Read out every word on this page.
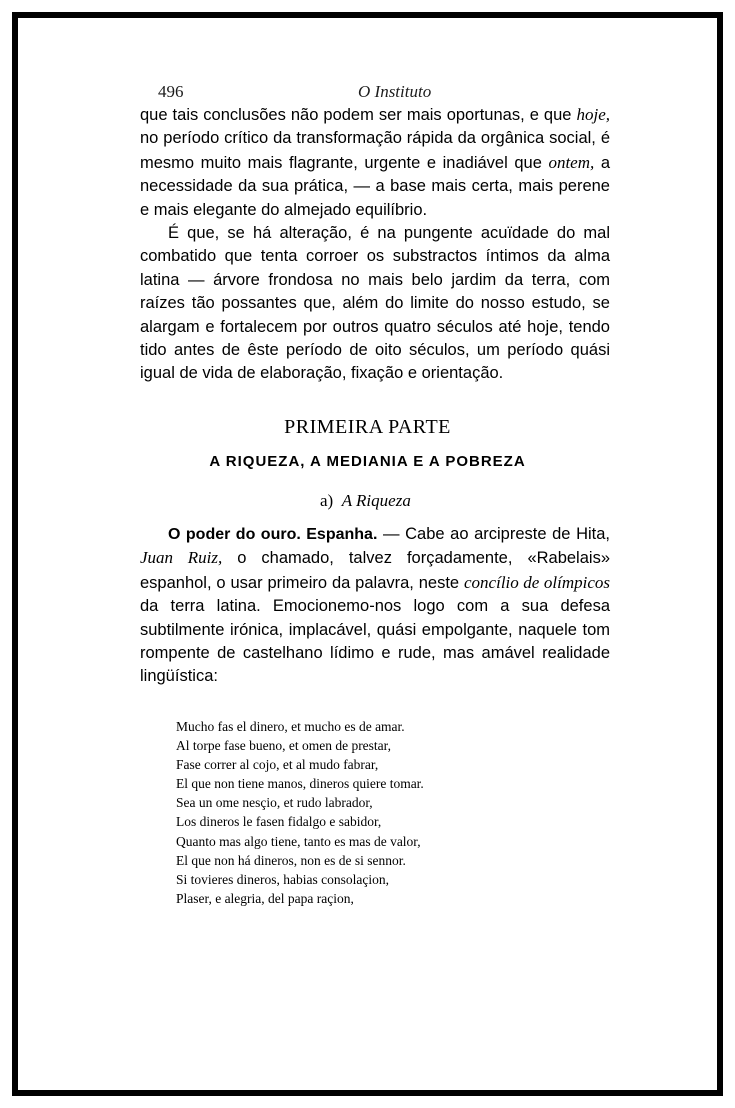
496	O Instituto

que tais conclusões não podem ser mais oportunas, e que hoje, no período crítico da transformação rápida da orgânica social, é mesmo muito mais flagrante, urgente e inadiável que ontem, a necessidade da sua prática, — a base mais certa, mais perene e mais elegante do almejado equilíbrio.

É que, se há alteração, é na pungente acuïdade do mal combatido que tenta corroer os substractos íntimos da alma latina — árvore frondosa no mais belo jardim da terra, com raízes tão possantes que, além do limite do nosso estudo, se alargam e fortalecem por outros quatro séculos até hoje, tendo tido antes de êste período de oito séculos, um período quási igual de vida de elaboração, fixação e orientação.

PRIMEIRA PARTE
A RIQUEZA, A MEDIANIA E A POBREZA
a) A Riqueza

O poder do ouro. Espanha. — Cabe ao arcipreste de Hita, Juan Ruiz, o chamado, talvez forçadamente, «Rabelais» espanhol, o usar primeiro da palavra, neste concílio de olímpicos da terra latina. Emocionemo-nos logo com a sua defesa subtilmente irónica, implacável, quási empolgante, naquele tom rompente de castelhano lídimo e rude, mas amável realidade lingüística:

Mucho fas el dinero, et mucho es de amar.
Al torpe fase bueno, et omen de prestar,
Fase correr al cojo, et al mudo fabrar,
El que non tiene manos, dineros quiere tomar.
Sea un ome nesçio, et rudo labrador,
Los dineros le fasen fidalgo e sabidor,
Quanto mas algo tiene, tanto es mas de valor,
El que non há dineros, non es de si sennor.
Si tovieres dineros, habias consolaçion,
Plaser, e alegria, del papa raçion,
